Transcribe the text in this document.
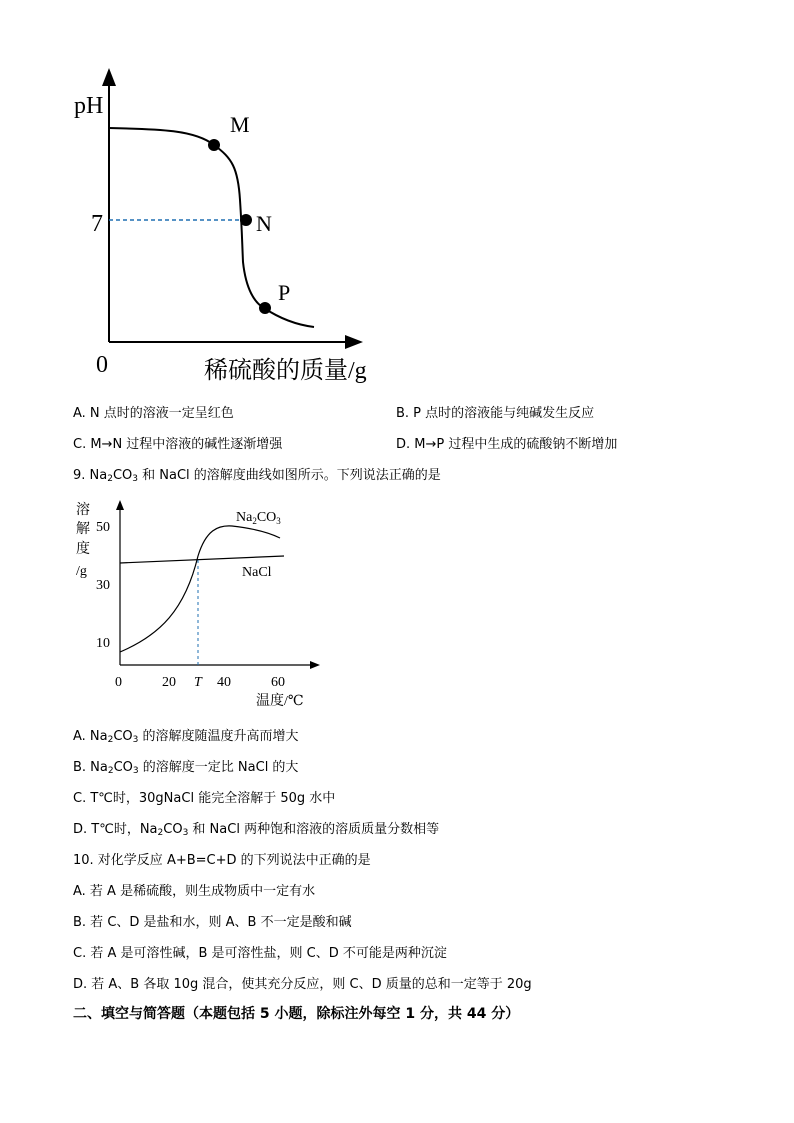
pH
M
N
P
7
0	稀硫酸的质量/g
A. N 点时的溶液一定呈红色	B. P 点时的溶液能与纯碱发生反应
C. M→N 过程中溶液的碱性逐渐增强	D. M→P 过程中生成的硫酸钠不断增加
9. $Na_2CO_3$ 和 NaCl 的溶解度曲线如图所示。下列说法正确的是
溶
解
度
/g
50
30
10
0	20 T 40	60
温度/℃
$Na_2CO_3$
NaCl
A. $Na_2CO_3$ 的溶解度随温度升高而增大
B. $Na_2CO_3$ 的溶解度一定比 NaCl 的大
C. T℃时，30gNaCl 能完全溶解于 50g 水中
D. T℃时，$Na_2CO_3$ 和 NaCl 两种饱和溶液的溶质质量分数相等
10. 对化学反应 A+B=C+D 的下列说法中正确的是
A. 若 A 是稀硫酸，则生成物质中一定有水
B. 若 C、D 是盐和水，则 A、B 不一定是酸和碱
C. 若 A 是可溶性碱，B 是可溶性盐，则 C、D 不可能是两种沉淀
D. 若 A、B 各取 10g 混合，使其充分反应，则 C、D 质量的总和一定等于 20g
二、填空与简答题（本题包括 5 小题，除标注外每空 1 分，共 44 分）
